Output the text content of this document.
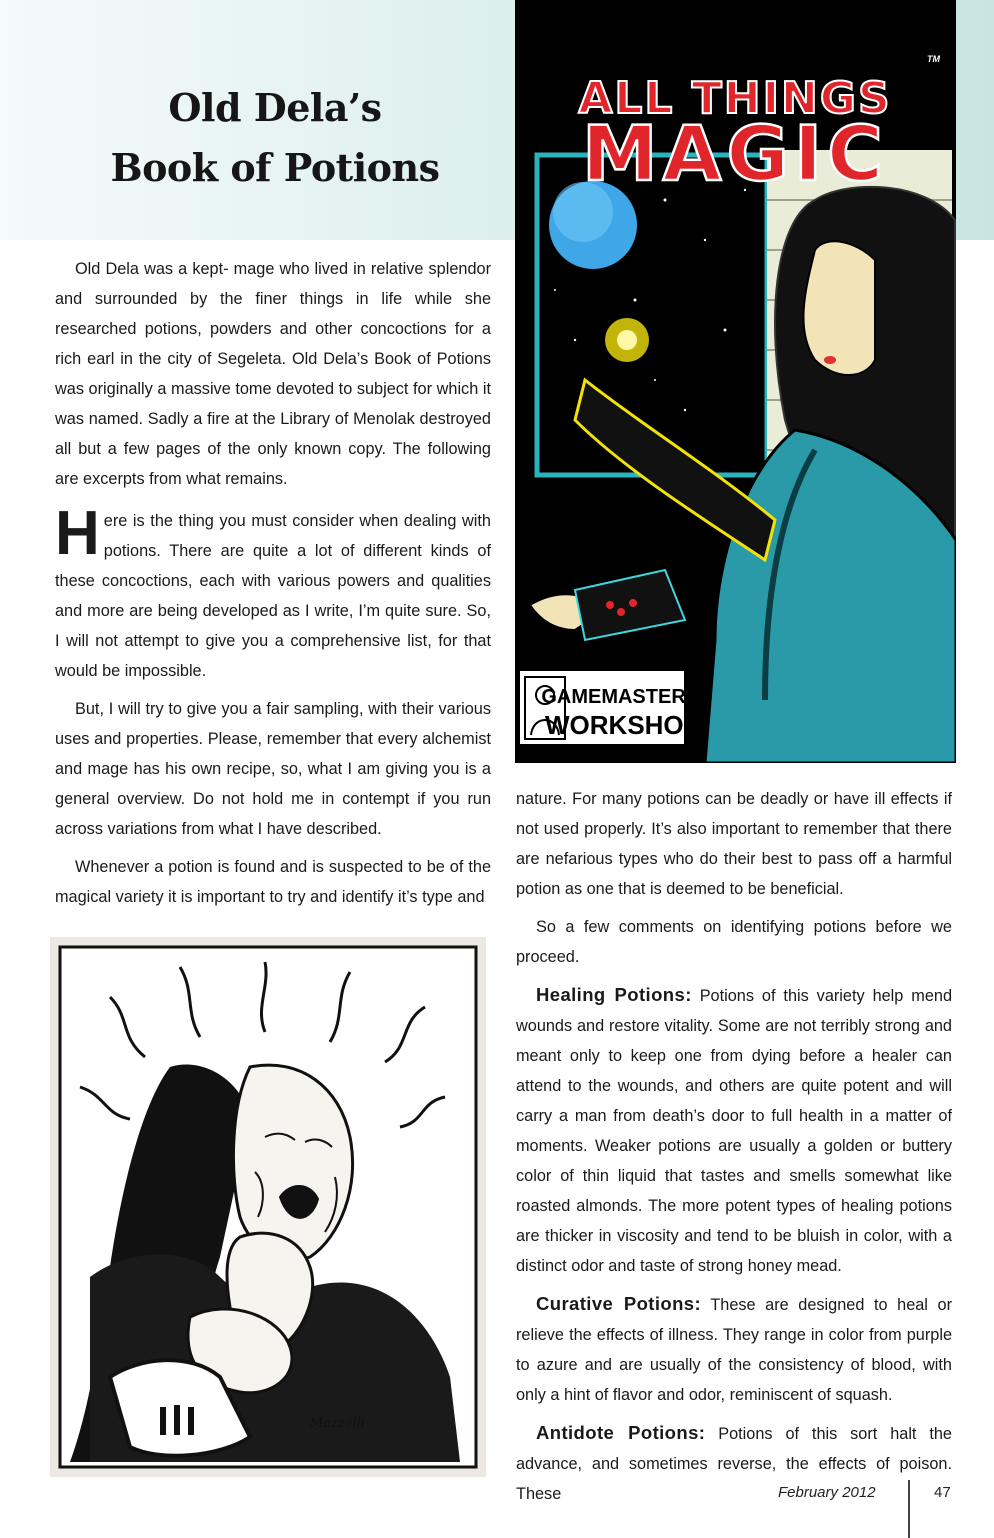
Old Dela’s
Book of Potions

Old Dela was a kept- mage who lived in relative splendor and surrounded by the finer things in life while she researched potions, powders and other concoctions for a rich earl in the city of Segeleta. Old Dela’s Book of Potions was originally a massive tome devoted to subject for which it was named. Sadly a fire at the Library of Menolak destroyed all but a few pages of the only known copy. The following are excerpts from what remains.

Here is the thing you must consider when dealing with potions. There are quite a lot of different kinds of these concoctions, each with various powers and qualities and more are being developed as I write, I’m quite sure. So, I will not attempt to give you a comprehensive list, for that would be impossible.

But, I will try to give you a fair sampling, with their various uses and properties. Please, remember that every alchemist and mage has his own recipe, so, what I am giving you is a general overview. Do not hold me in contempt if you run across variations from what I have described.

Whenever a potion is found and is suspected to be of the magical variety it is important to try and identify it’s type and

ALL THINGS
MAGIC
TM
GAMEMASTERS’
WORKSHOP
Mazzelli

nature. For many potions can be deadly or have ill effects if not used properly. It’s also important to remember that there are nefarious types who do their best to pass off a harmful potion as one that is deemed to be beneficial.

So a few comments on identifying potions before we proceed.

Healing Potions: Potions of this variety help mend wounds and restore vitality. Some are not terribly strong and meant only to keep one from dying before a healer can attend to the wounds, and others are quite potent and will carry a man from death’s door to full health in a matter of moments. Weaker potions are usually a golden or buttery color of thin liquid that tastes and smells somewhat like roasted almonds. The more potent types of healing potions are thicker in viscosity and tend to be bluish in color, with a distinct odor and taste of strong honey mead.

Curative Potions: These are designed to heal or relieve the effects of illness. They range in color from purple to azure and are usually of the consistency of blood, with only a hint of flavor and odor, reminiscent of squash.

Antidote Potions: Potions of this sort halt the advance, and sometimes reverse, the effects of poison. These	February 2012	47
